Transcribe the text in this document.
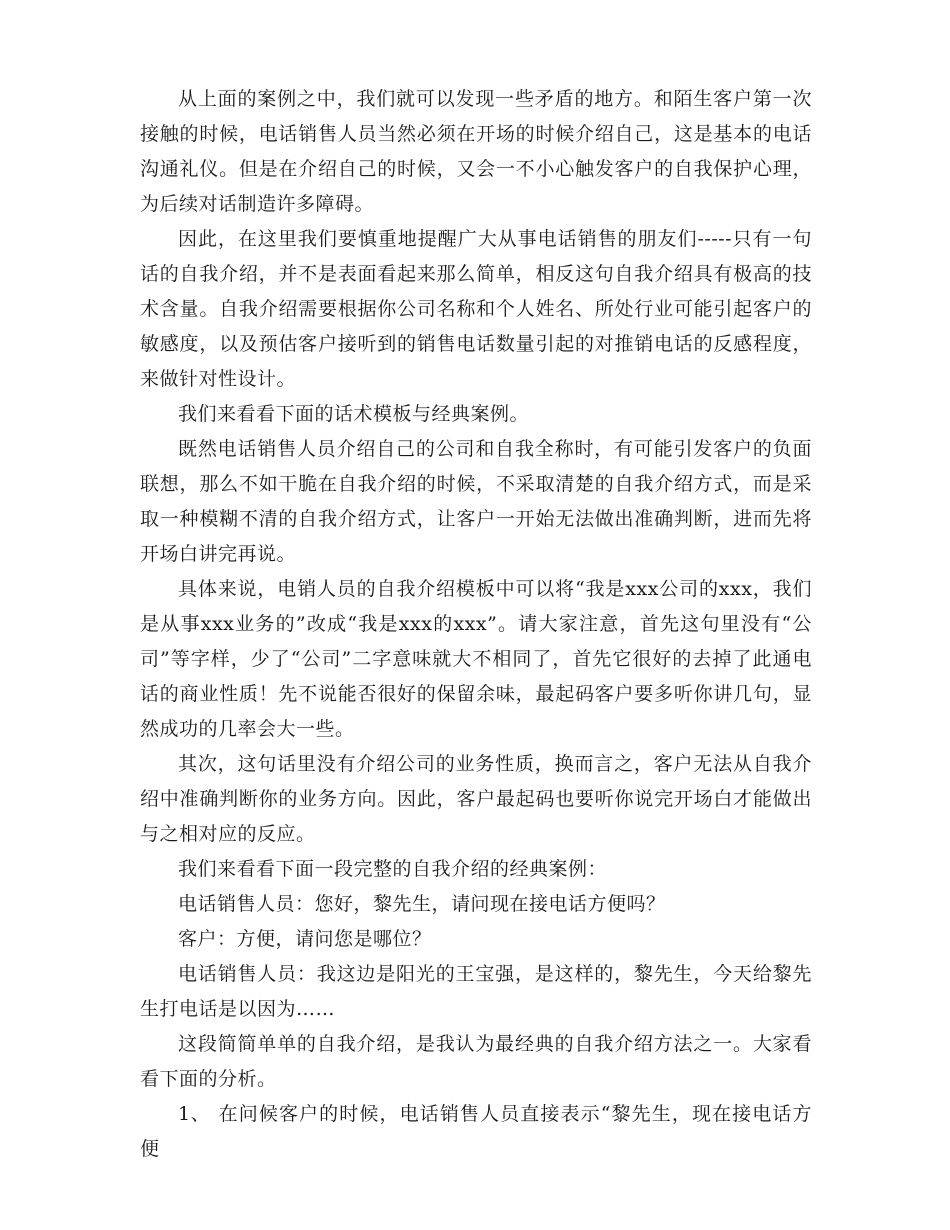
从上面的案例之中，我们就可以发现一些矛盾的地方。和陌生客户第一次接触的时候，电话销售人员当然必须在开场的时候介绍自己，这是基本的电话沟通礼仪。但是在介绍自己的时候，又会一不小心触发客户的自我保护心理，为后续对话制造许多障碍。

因此，在这里我们要慎重地提醒广大从事电话销售的朋友们-----只有一句话的自我介绍，并不是表面看起来那么简单，相反这句自我介绍具有极高的技术含量。自我介绍需要根据你公司名称和个人姓名、所处行业可能引起客户的敏感度，以及预估客户接听到的销售电话数量引起的对推销电话的反感程度，来做针对性设计。

我们来看看下面的话术模板与经典案例。

既然电话销售人员介绍自己的公司和自我全称时，有可能引发客户的负面联想，那么不如干脆在自我介绍的时候，不采取清楚的自我介绍方式，而是采取一种模糊不清的自我介绍方式，让客户一开始无法做出准确判断，进而先将开场白讲完再说。

具体来说，电销人员的自我介绍模板中可以将“我是xxx公司的xxx，我们是从事xxx业务的”改成“我是xxx的xxx”。请大家注意，首先这句里没有“公司”等字样，少了“公司”二字意味就大不相同了，首先它很好的去掉了此通电话的商业性质！先不说能否很好的保留余味，最起码客户要多听你讲几句，显然成功的几率会大一些。

其次，这句话里没有介绍公司的业务性质，换而言之，客户无法从自我介绍中准确判断你的业务方向。因此，客户最起码也要听你说完开场白才能做出与之相对应的反应。

我们来看看下面一段完整的自我介绍的经典案例：

电话销售人员：您好，黎先生，请问现在接电话方便吗？

客户：方便，请问您是哪位？

电话销售人员：我这边是阳光的王宝强，是这样的，黎先生，今天给黎先生打电话是以因为……

这段简简单单的自我介绍，是我认为最经典的自我介绍方法之一。大家看看下面的分析。

1、 在问候客户的时候，电话销售人员直接表示“黎先生，现在接电话方便
